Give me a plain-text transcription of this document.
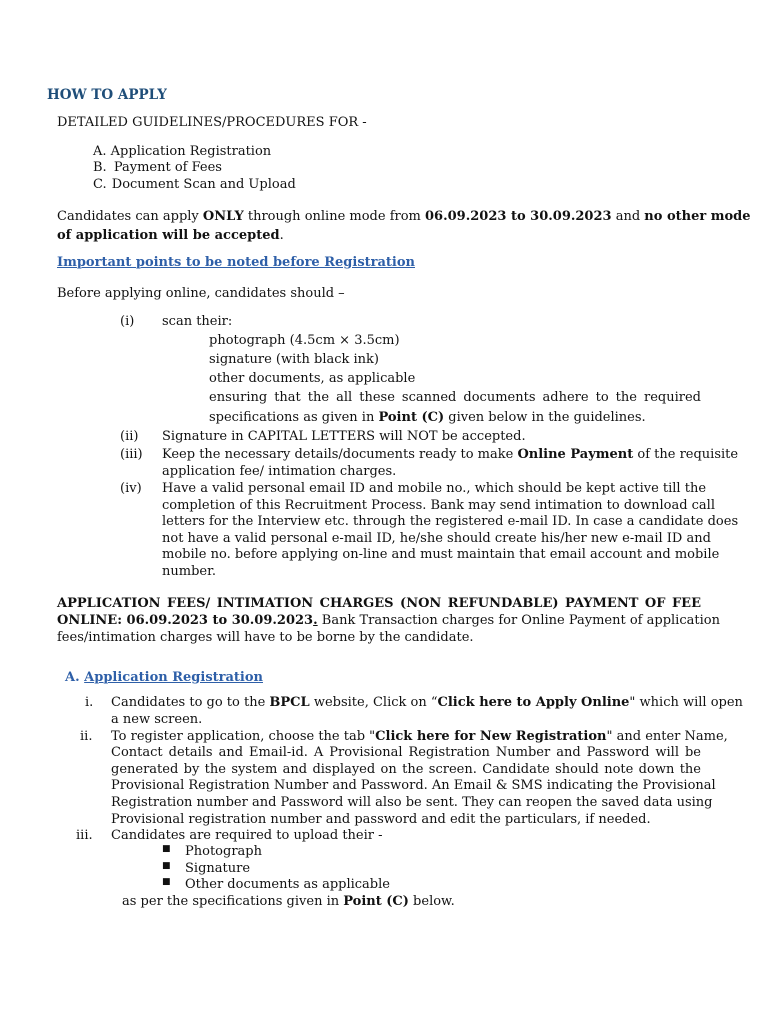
HOW TO APPLY
DETAILED GUIDELINES/PROCEDURES FOR -
A. Application Registration
B. Payment of Fees
C. Document Scan and Upload
Candidates can apply ONLY through online mode from 06.09.2023 to 30.09.2023 and no other mode
of application will be accepted.
Important points to be noted before Registration
Before applying online, candidates should –
(i) scan their:
photograph (4.5cm × 3.5cm)
signature (with black ink)
other documents, as applicable
ensuring that the all these scanned documents adhere to the required
specifications as given in Point (C) given below in the guidelines.
(ii) Signature in CAPITAL LETTERS will NOT be accepted.
(iii) Keep the necessary details/documents ready to make Online Payment of the requisite
application fee/ intimation charges.
(iv) Have a valid personal email ID and mobile no., which should be kept active till the
completion of this Recruitment Process. Bank may send intimation to download call
letters for the Interview etc. through the registered e-mail ID. In case a candidate does
not have a valid personal e-mail ID, he/she should create his/her new e-mail ID and
mobile no. before applying on-line and must maintain that email account and mobile
number.
APPLICATION FEES/ INTIMATION CHARGES (NON REFUNDABLE) PAYMENT OF FEE
ONLINE: 06.09.2023 to 30.09.2023. Bank Transaction charges for Online Payment of application
fees/intimation charges will have to be borne by the candidate.
A. Application Registration
i. Candidates to go to the BPCL website, Click on “Click here to Apply Online" which will open
a new screen.
ii. To register application, choose the tab "Click here for New Registration" and enter Name,
Contact details and Email-id. A Provisional Registration Number and Password will be
generated by the system and displayed on the screen. Candidate should note down the
Provisional Registration Number and Password. An Email & SMS indicating the Provisional
Registration number and Password will also be sent. They can reopen the saved data using
Provisional registration number and password and edit the particulars, if needed.
iii. Candidates are required to upload their -
■ Photograph
■ Signature
■ Other documents as applicable
as per the specifications given in Point (C) below.
